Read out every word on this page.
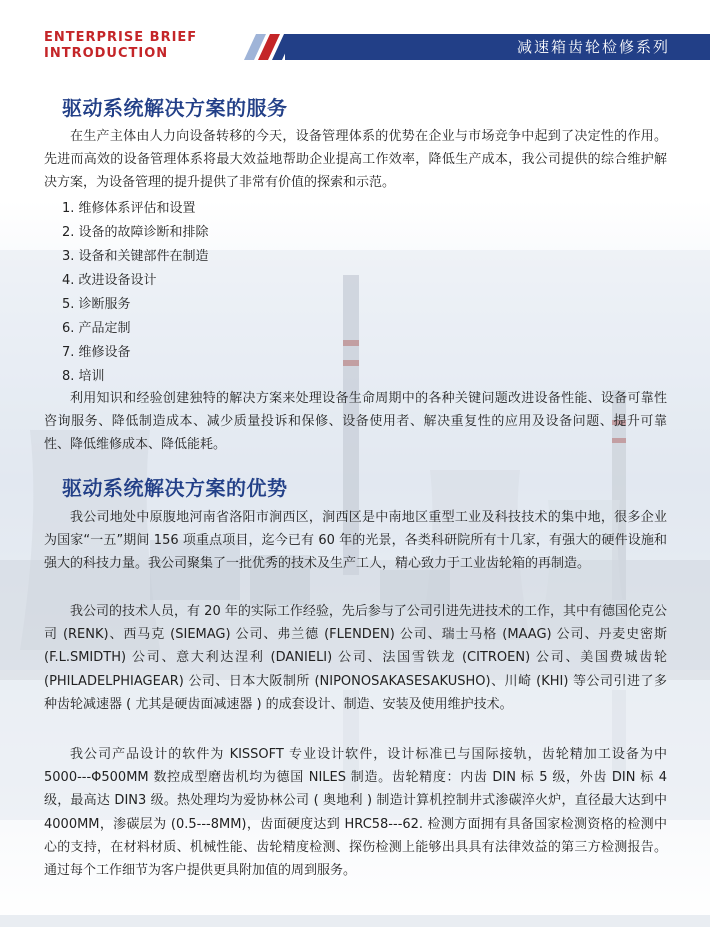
ENTERPRISE BRIEF
INTRODUCTION	减速箱齿轮检修系列
驱动系统解决方案的服务

在生产主体由人力向设备转移的今天，设备管理体系的优势在企业与市场竞争中起到了决定性的作用。先进而高效的设备管理体系将最大效益地帮助企业提高工作效率，降低生产成本，我公司提供的综合维护解决方案，为设备管理的提升提供了非常有价值的探索和示范。

1. 维修体系评估和设置
2. 设备的故障诊断和排除
3. 设备和关键部件在制造
4. 改进设备设计
5. 诊断服务
6. 产品定制
7. 维修设备
8. 培训

利用知识和经验创建独特的解决方案来处理设备生命周期中的各种关键问题改进设备性能、设备可靠性咨询服务、降低制造成本、减少质量投诉和保修、设备使用者、解决重复性的应用及设备问题、提升可靠性、降低维修成本、降低能耗。

驱动系统解决方案的优势

我公司地处中原腹地河南省洛阳市涧西区，涧西区是中南地区重型工业及科技技术的集中地，很多企业为国家“一五”期间 156 项重点项目，迄今已有 60 年的光景，各类科研院所有十几家，有强大的硬件设施和强大的科技力量。我公司聚集了一批优秀的技术及生产工人，精心致力于工业齿轮箱的再制造。

我公司的技术人员，有 20 年的实际工作经验，先后参与了公司引进先进技术的工作，其中有德国伦克公司 (RENK)、西马克 (SIEMAG) 公司、弗兰德 (FLENDEN) 公司、瑞士马格 (MAAG) 公司、丹麦史密斯 (F.L.SMIDTH) 公司、意大利达涅利 (DANIELI) 公司、法国雪铁龙 (CITROEN) 公司、美国费城齿轮 (PHILADELPHIAGEAR) 公司、日本大阪制所 (NIPONOSAKASESAKUSHO)、川崎 (KHI) 等公司引进了多种齿轮减速器 ( 尤其是硬齿面减速器 ) 的成套设计、制造、安装及使用维护技术。

我公司产品设计的软件为 KISSOFT 专业设计软件，设计标准已与国际接轨，齿轮精加工设备为中 5000---Φ500MM 数控成型磨齿机均为德国 NILES 制造。齿轮精度：内齿 DIN 标 5 级，外齿 DIN 标 4 级，最高达 DIN3 级。热处理均为爱协林公司 ( 奥地利 ) 制造计算机控制井式渗碳淬火炉，直径最大达到中 4000MM，渗碳层为 (0.5---8MM)，齿面硬度达到 HRC58---62. 检测方面拥有具备国家检测资格的检测中心的支持，在材料材质、机械性能、齿轮精度检测、探伤检测上能够出具具有法律效益的第三方检测报告。通过每个工作细节为客户提供更具附加值的周到服务。
